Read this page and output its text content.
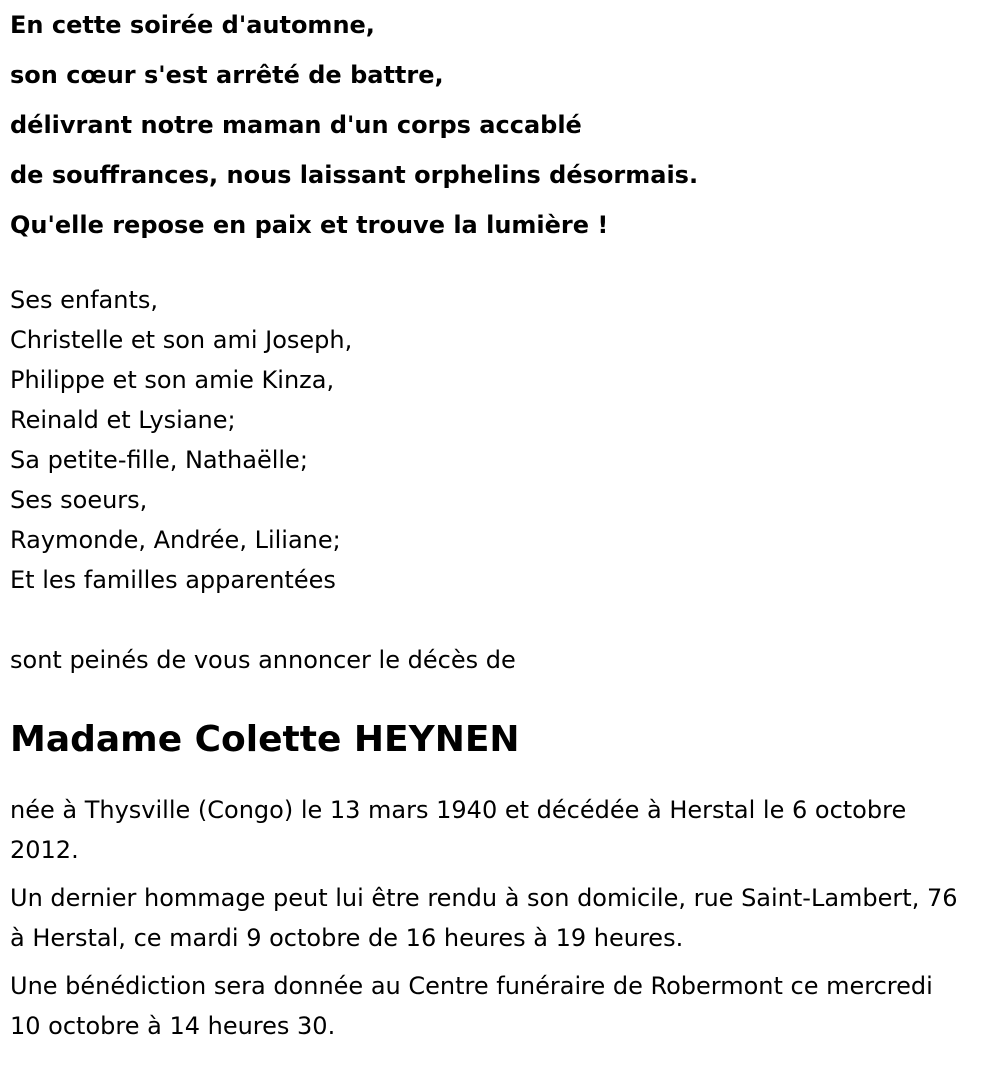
En cette soirée d'automne,
son cœur s'est arrêté de battre,
délivrant notre maman d'un corps accablé
de souffrances, nous laissant orphelins désormais.
Qu'elle repose en paix et trouve la lumière !
Ses enfants,
Christelle et son ami Joseph,
Philippe et son amie Kinza,
Reinald et Lysiane;
Sa petite-fille, Nathaëlle;
Ses soeurs,
Raymonde, Andrée, Liliane;
Et les familles apparentées
sont peinés de vous annoncer le décès de
Madame Colette HEYNEN

née à Thysville (Congo) le 13 mars 1940 et décédée à Herstal le 6 octobre 2012.

Un dernier hommage peut lui être rendu à son domicile, rue Saint-Lambert, 76 à Herstal, ce mardi 9 octobre de 16 heures à 19 heures.

Une bénédiction sera donnée au Centre funéraire de Robermont ce mercredi 10 octobre à 14 heures 30.
